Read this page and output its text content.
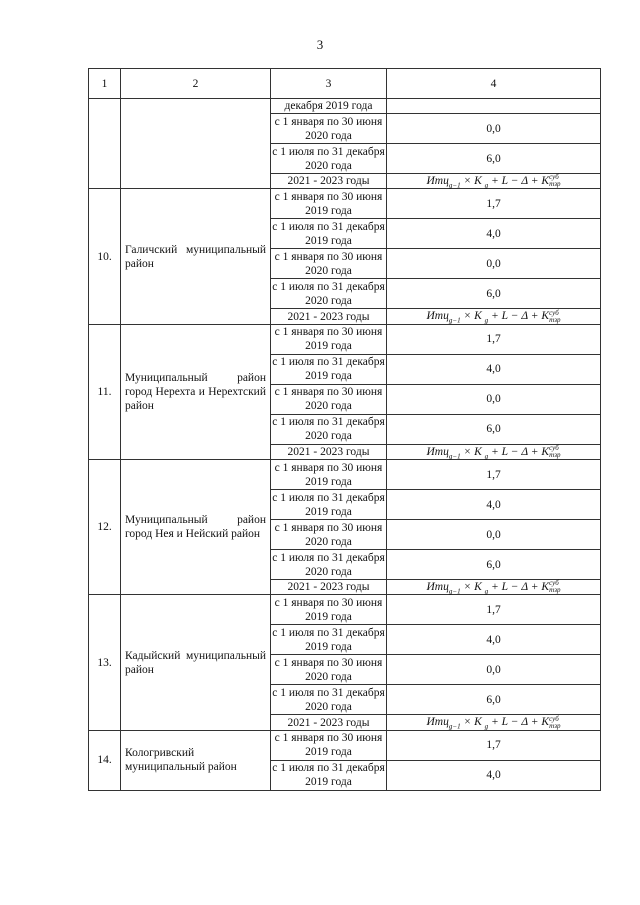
3
1	2	3	4
		декабря 2019 года	
		с 1 января по 30 июня 2020 года	0,0
		с 1 июля по 31 декабря 2020 года	6,0
		2021 - 2023 годы	Итц$_{g-1}$ × K $_g$ + L − Δ + K суб
тзр

10.	Галичский муниципальный район	с 1 января по 30 июня 2019 года	1,7
		с 1 июля по 31 декабря 2019 года	4,0
		с 1 января по 30 июня 2020 года	0,0
		с 1 июля по 31 декабря 2020 года	6,0
		2021 - 2023 годы	Итц$_{g-1}$ × K $_g$ + L − Δ + K суб
тзр

11.	Муниципальный район город Нерехта и Нерехтский район	с 1 января по 30 июня 2019 года	1,7
		с 1 июля по 31 декабря 2019 года	4,0
		с 1 января по 30 июня 2020 года	0,0
		с 1 июля по 31 декабря 2020 года	6,0
		2021 - 2023 годы	Итц$_{g-1}$ × K $_g$ + L − Δ + K суб
тзр

12.	Муниципальный район город Нея и Нейский район	с 1 января по 30 июня 2019 года	1,7
		с 1 июля по 31 декабря 2019 года	4,0
		с 1 января по 30 июня 2020 года	0,0
		с 1 июля по 31 декабря 2020 года	6,0
		2021 - 2023 годы	Итц$_{g-1}$ × K $_g$ + L − Δ + K суб
тзр

13.	Кадыйский муниципальный район	с 1 января по 30 июня 2019 года	1,7
		с 1 июля по 31 декабря 2019 года	4,0
		с 1 января по 30 июня 2020 года	0,0
		с 1 июля по 31 декабря 2020 года	6,0
		2021 - 2023 годы	Итц$_{g-1}$ × K $_g$ + L − Δ + K суб
тзр

14.	Кологривский муниципальный район	с 1 января по 30 июня 2019 года	1,7
		с 1 июля по 31 декабря 2019 года	4,0
